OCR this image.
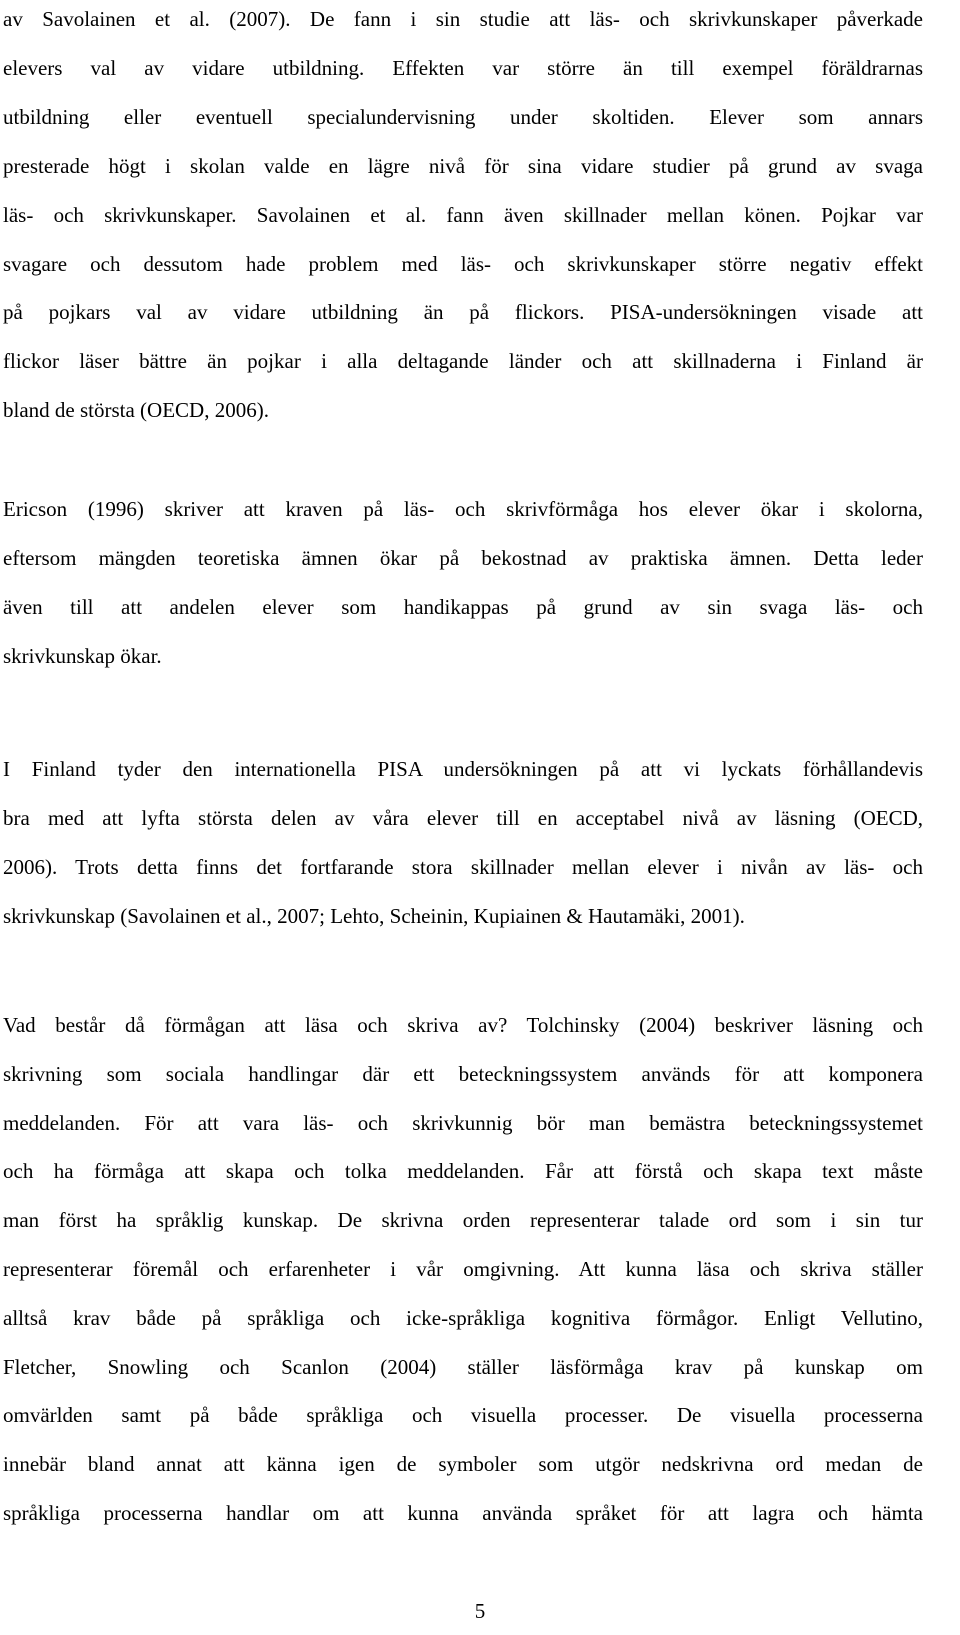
av Savolainen et al. (2007). De fann i sin studie att läs- och skrivkunskaper påverkade
elevers val av vidare utbildning. Effekten var större än till exempel föräldrarnas
utbildning eller eventuell specialundervisning under skoltiden. Elever som annars
presterade högt i skolan valde en lägre nivå för sina vidare studier på grund av svaga
läs- och skrivkunskaper. Savolainen et al. fann även skillnader mellan könen. Pojkar var
svagare och dessutom hade problem med läs- och skrivkunskaper större negativ effekt
på pojkars val av vidare utbildning än på flickors. PISA-undersökningen visade att
flickor läser bättre än pojkar i alla deltagande länder och att skillnaderna i Finland är
bland de största (OECD, 2006).
Ericson (1996) skriver att kraven på läs- och skrivförmåga hos elever ökar i skolorna,
eftersom mängden teoretiska ämnen ökar på bekostnad av praktiska ämnen. Detta leder
även till att andelen elever som handikappas på grund av sin svaga läs- och
skrivkunskap ökar.
I Finland tyder den internationella PISA undersökningen på att vi lyckats förhållandevis
bra med att lyfta största delen av våra elever till en acceptabel nivå av läsning (OECD,
2006). Trots detta finns det fortfarande stora skillnader mellan elever i nivån av läs- och
skrivkunskap (Savolainen et al., 2007; Lehto, Scheinin, Kupiainen & Hautamäki, 2001).
Vad består då förmågan att läsa och skriva av? Tolchinsky (2004) beskriver läsning och
skrivning som sociala handlingar där ett beteckningssystem används för att komponera
meddelanden. För att vara läs- och skrivkunnig bör man bemästra beteckningssystemet
och ha förmåga att skapa och tolka meddelanden. Får att förstå och skapa text måste
man först ha språklig kunskap. De skrivna orden representerar talade ord som i sin tur
representerar föremål och erfarenheter i vår omgivning. Att kunna läsa och skriva ställer
alltså krav både på språkliga och icke-språkliga kognitiva förmågor. Enligt Vellutino,
Fletcher, Snowling och Scanlon (2004) ställer läsförmåga krav på kunskap om
omvärlden samt på både språkliga och visuella processer. De visuella processerna
innebär bland annat att känna igen de symboler som utgör nedskrivna ord medan de
språkliga processerna handlar om att kunna använda språket för att lagra och hämta
5
